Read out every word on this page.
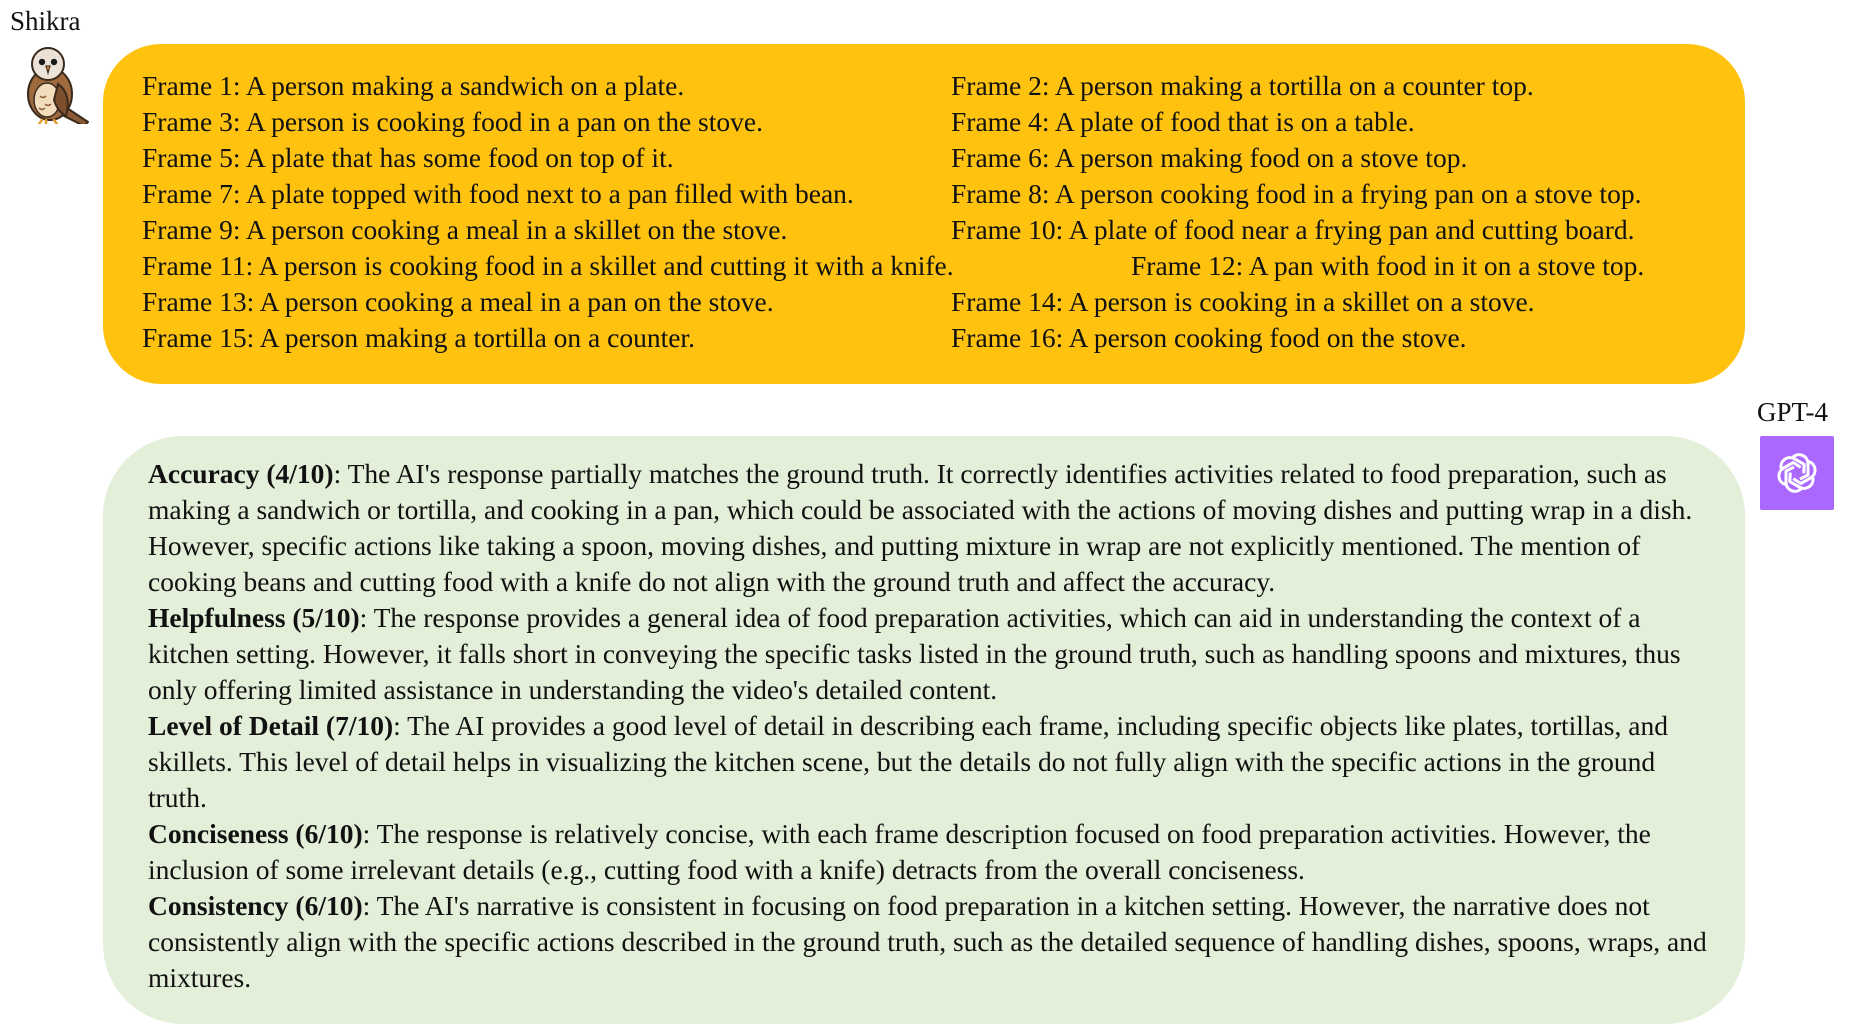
Shikra
Frame 1: A person making a sandwich on a plate.	Frame 2: A person making a tortilla on a counter top.
Frame 3: A person is cooking food in a pan on the stove.	Frame 4: A plate of food that is on a table.
Frame 5: A plate that has some food on top of it.	Frame 6: A person making food on a stove top.
Frame 7: A plate topped with food next to a pan filled with bean.	Frame 8: A person cooking food in a frying pan on a stove top.
Frame 9: A person cooking a meal in a skillet on the stove.	Frame 10: A plate of food near a frying pan and cutting board.
Frame 11: A person is cooking food in a skillet and cutting it with a knife.	Frame 12: A pan with food in it on a stove top.
Frame 13: A person cooking a meal in a pan on the stove.	Frame 14: A person is cooking in a skillet on a stove.
Frame 15: A person making a tortilla on a counter.	Frame 16: A person cooking food on the stove.
GPT-4

Accuracy (4/10): The AI's response partially matches the ground truth. It correctly identifies activities related to food preparation, such as making a sandwich or tortilla, and cooking in a pan, which could be associated with the actions of moving dishes and putting wrap in a dish. However, specific actions like taking a spoon, moving dishes, and putting mixture in wrap are not explicitly mentioned. The mention of cooking beans and cutting food with a knife do not align with the ground truth and affect the accuracy.

Helpfulness (5/10): The response provides a general idea of food preparation activities, which can aid in understanding the context of a kitchen setting. However, it falls short in conveying the specific tasks listed in the ground truth, such as handling spoons and mixtures, thus only offering limited assistance in understanding the video's detailed content.

Level of Detail (7/10): The AI provides a good level of detail in describing each frame, including specific objects like plates, tortillas, and skillets. This level of detail helps in visualizing the kitchen scene, but the details do not fully align with the specific actions in the ground truth.

Conciseness (6/10): The response is relatively concise, with each frame description focused on food preparation activities. However, the inclusion of some irrelevant details (e.g., cutting food with a knife) detracts from the overall conciseness.

Consistency (6/10): The AI's narrative is consistent in focusing on food preparation in a kitchen setting. However, the narrative does not consistently align with the specific actions described in the ground truth, such as the detailed sequence of handling dishes, spoons, wraps, and mixtures.
